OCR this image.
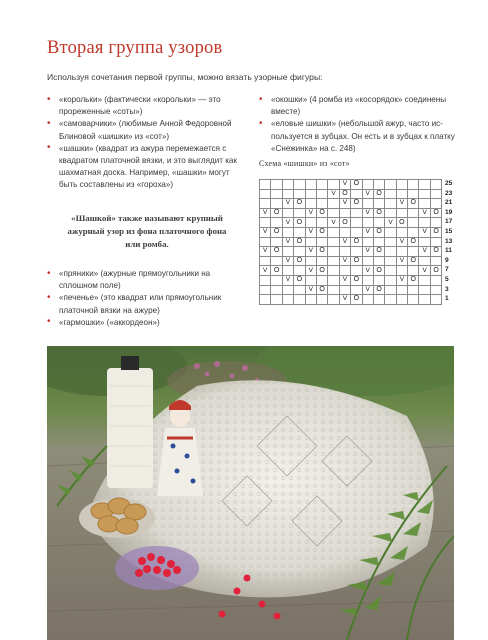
Вторая группа узоров
Используя сочетания первой группы, можно вязать узорные фигуры:
• «корольки» (фактически «корольки» — это прореженные «соты»)
• «самоварчики» (любимые Анной Федоровной Блиновой «шишки» из «сот»)
• «шашки» (квадрат из ажура перемежается с квадратом платочной вязки, и это выглядит как шахматная доска. Например, «шашки» могут быть составлены из «гороха»)
«Шашкой» также называют крупный ажурный узор из фона платочного фона или ромба.
• «пряники» (ажурные прямоугольники на сплошном поле)
• «печенье» (это квадрат или прямоугольник платочной вязки на ажуре)
• «гармошки» («аккордеон»)
• «окошки» (4 ромба из «косорядок» соединены вместе)
• «еловые шишки» (небольшой ажур, часто используется в зубцах. Он есть и в зубцах к платку «Снежинка» на с. 248)
Схема «шишки» из «сот»
							V	O							
						V	O		V	O					
		V	O				V	O				V	O		
V	O			V	O				V	O				V	O
		V	O			V	O				V	O			
V	O			V	O				V	O				V	O
		V	O				V	O				V	O		
V	O			V	O				V	O				V	O
		V	O				V	O				V	O		
V	O			V	O				V	O				V	O
		V	O				V	O				V	O		
				V	O				V	O					
							V	O							
25
23
21
19
17
15
13
11
9
7
5
3
1
